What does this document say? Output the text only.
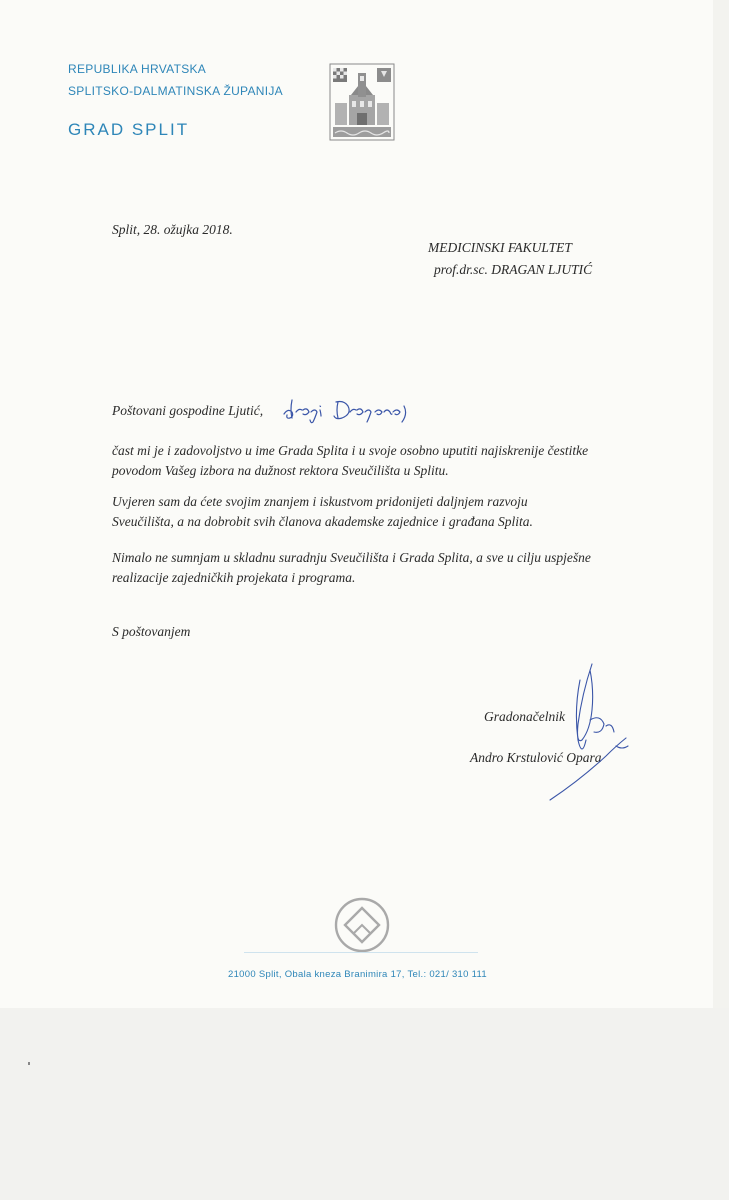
REPUBLIKA HRVATSKA
SPLITSKO-DALMATINSKA ŽUPANIJA
GRAD SPLIT
Split, 28. ožujka 2018.
MEDICINSKI FAKULTET
prof.dr.sc. DRAGAN LJUTIĆ
Poštovani gospodine Ljutić,

čast mi je i zadovoljstvo u ime Grada Splita i u svoje osobno uputiti najiskrenije čestitke povodom Vašeg izbora na dužnost rektora Sveučilišta u Splitu.

Uvjeren sam da ćete svojim znanjem i iskustvom pridonijeti daljnjem razvoju Sveučilišta, a na dobrobit svih članova akademske zajednice i građana Splita.

Nimalo ne sumnjam u skladnu suradnju Sveučilišta i Grada Splita, a sve u cilju uspješne realizacije zajedničkih projekata i programa.

S poštovanjem
Gradonačelnik
Andro Krstulović Opara
21000 Split, Obala kneza Branimira 17, Tel.: 021/ 310 111
